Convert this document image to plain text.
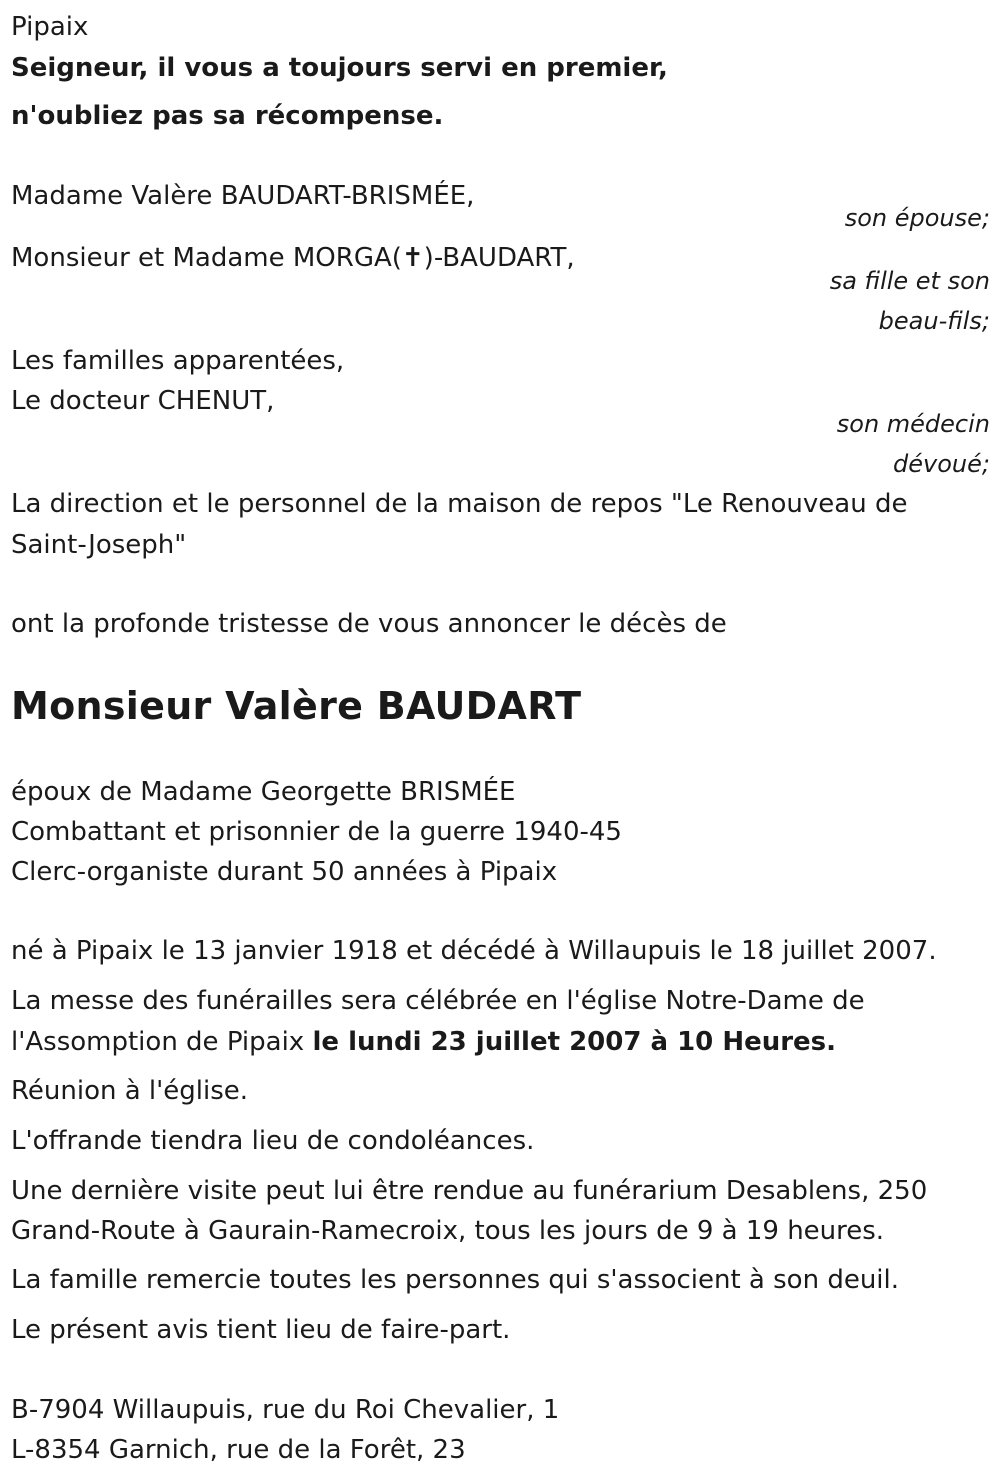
Pipaix
Seigneur, il vous a toujours servi en premier,
n'oubliez pas sa récompense.
Madame Valère BAUDART-BRISMÉE,
son épouse;
Monsieur et Madame MORGA(✝)-BAUDART,
sa fille et son
beau-fils;
Les familles apparentées,
Le docteur CHENUT,
son médecin
dévoué;
La direction et le personnel de la maison de repos "Le Renouveau de
Saint-Joseph"
ont la profonde tristesse de vous annoncer le décès de
Monsieur Valère BAUDART
époux de Madame Georgette BRISMÉE
Combattant et prisonnier de la guerre 1940-45
Clerc-organiste durant 50 années à Pipaix
né à Pipaix le 13 janvier 1918 et décédé à Willaupuis le 18 juillet 2007.
La messe des funérailles sera célébrée en l'église Notre-Dame de
l'Assomption de Pipaix le lundi 23 juillet 2007 à 10 Heures.
Réunion à l'église.
L'offrande tiendra lieu de condoléances.
Une dernière visite peut lui être rendue au funérarium Desablens, 250
Grand-Route à Gaurain-Ramecroix, tous les jours de 9 à 19 heures.
La famille remercie toutes les personnes qui s'associent à son deuil.
Le présent avis tient lieu de faire-part.
B-7904 Willaupuis, rue du Roi Chevalier, 1
L-8354 Garnich, rue de la Forêt, 23
